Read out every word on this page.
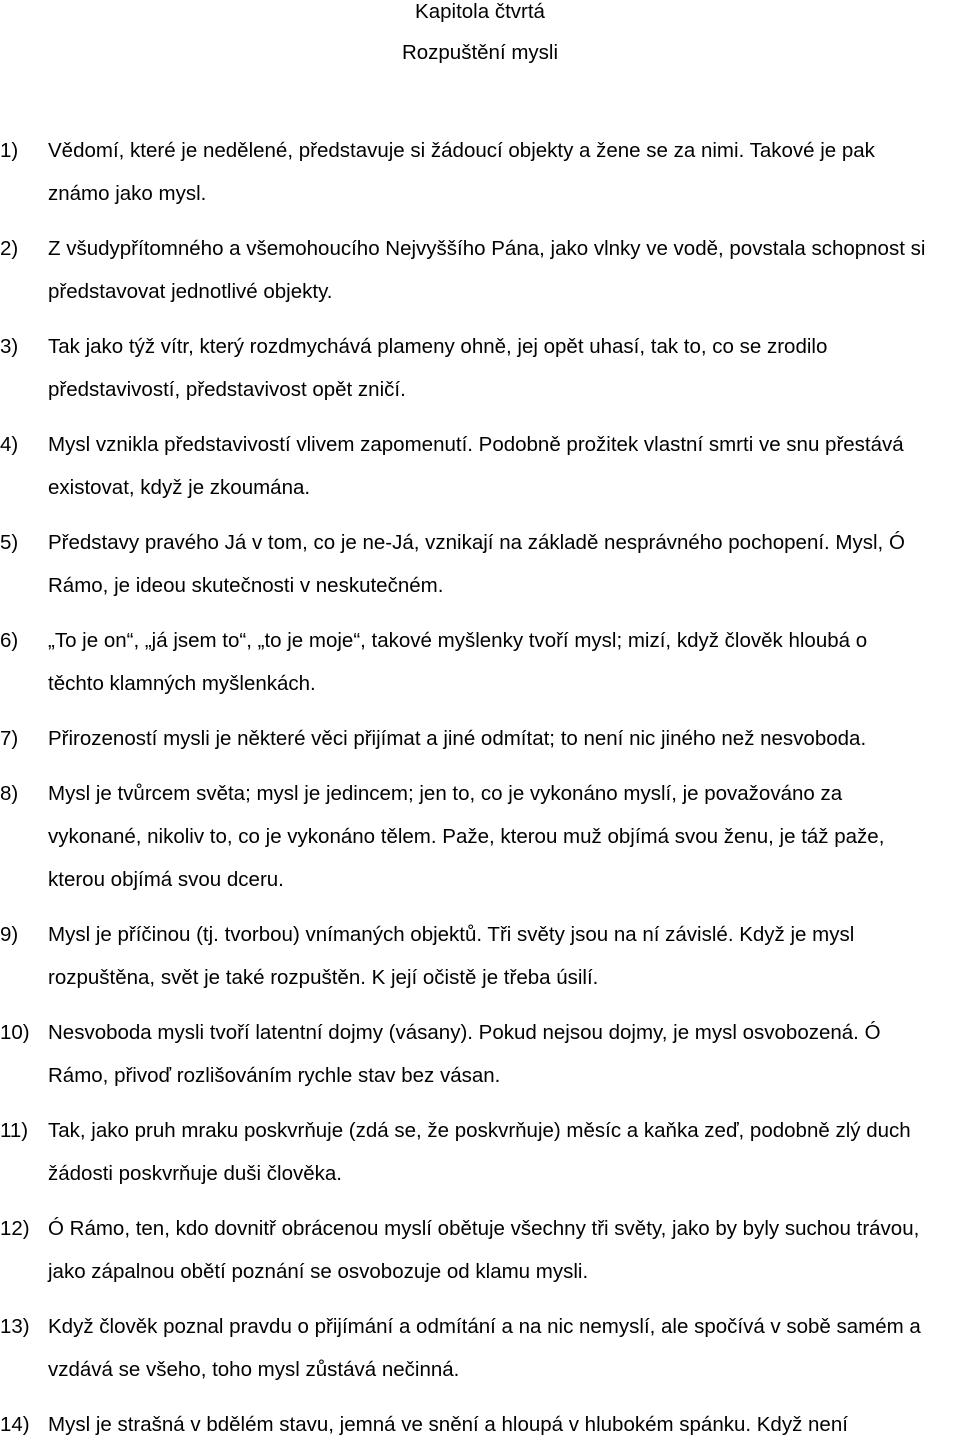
Kapitola čtvrtá
Rozpuštění mysli
1)	Vědomí, které je nedělené, představuje si žádoucí objekty a žene se za nimi. Takové je pak
známo jako mysl.
2)	Z všudypřítomného a všemohoucího Nejvyššího Pána, jako vlnky ve vodě, povstala schopnost si
představovat jednotlivé objekty.
3)	Tak jako týž vítr, který rozdmychává plameny ohně, jej opět uhasí, tak to, co se zrodilo
představivostí, představivost opět zničí.
4)	Mysl vznikla představivostí vlivem zapomenutí. Podobně prožitek vlastní smrti ve snu přestává
existovat, když je zkoumána.
5)	Představy pravého Já v tom, co je ne-Já, vznikají na základě nesprávného pochopení. Mysl, Ó
Rámo, je ideou skutečnosti v neskutečném.
6)	„To je on“, „já jsem to“, „to je moje“, takové myšlenky tvoří mysl; mizí, když člověk hloubá o
těchto klamných myšlenkách.
7)	Přirozeností mysli je některé věci přijímat a jiné odmítat; to není nic jiného než nesvoboda.
8)	Mysl je tvůrcem světa; mysl je jedincem; jen to, co je vykonáno myslí, je považováno za
vykonané, nikoliv to, co je vykonáno tělem. Paže, kterou muž objímá svou ženu, je táž paže,
kterou objímá svou dceru.
9)	Mysl je příčinou (tj. tvorbou) vnímaných objektů. Tři světy jsou na ní závislé. Když je mysl
rozpuštěna, svět je také rozpuštěn. K její očistě je třeba úsilí.
10) Nesvoboda mysli tvoří latentní dojmy (vásany). Pokud nejsou dojmy, je mysl osvobozená. Ó
Rámo, přivoď rozlišováním rychle stav bez vásan.
11) Tak, jako pruh mraku poskvrňuje (zdá se, že poskvrňuje) měsíc a kaňka zeď, podobně zlý duch
žádosti poskvrňuje duši člověka.
12) Ó Rámo, ten, kdo dovnitř obrácenou myslí obětuje všechny tři světy, jako by byly suchou trávou,
jako zápalnou obětí poznání se osvobozuje od klamu mysli.
13) Když člověk poznal pravdu o přijímání a odmítání a na nic nemyslí, ale spočívá v sobě samém a
vzdává se všeho, toho mysl zůstává nečinná.
14) Mysl je strašná v bdělém stavu, jemná ve snění a hloupá v hlubokém spánku. Když není
